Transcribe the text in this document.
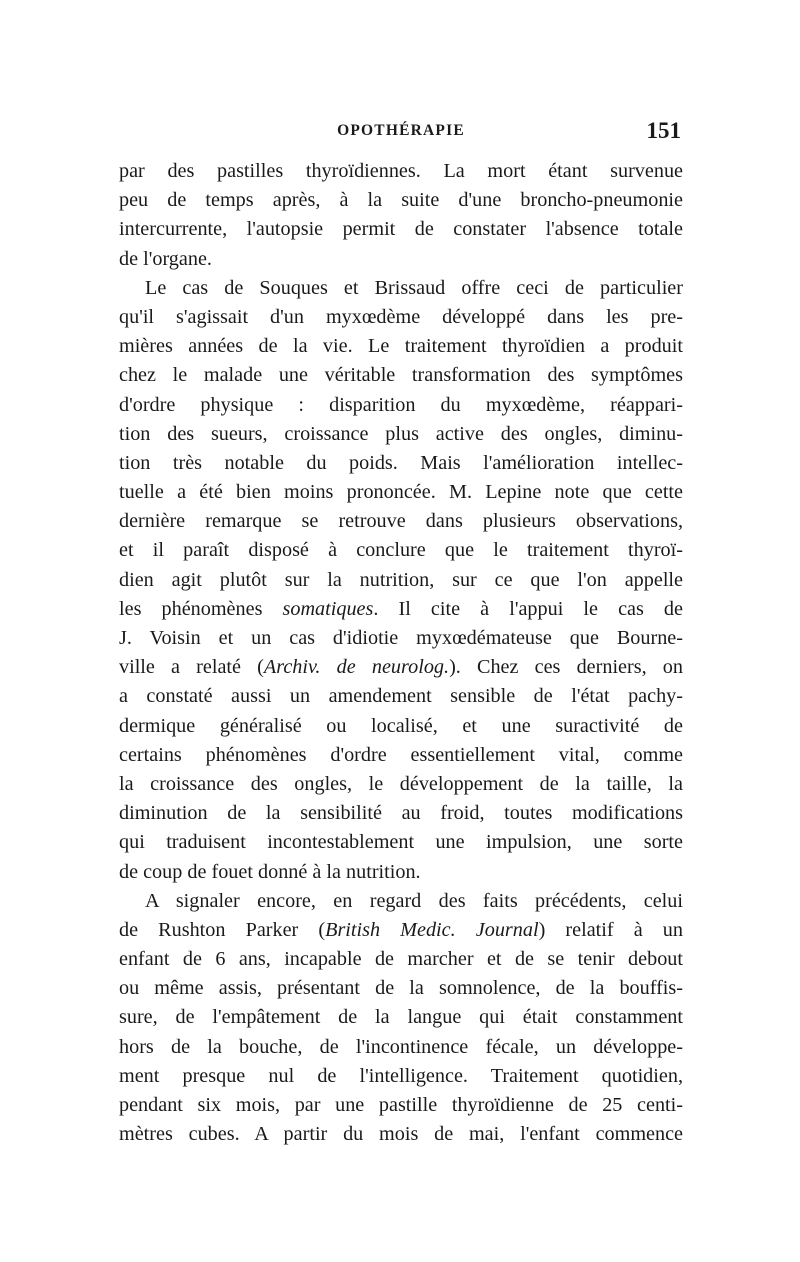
OPOTHÉRAPIE	151
par des pastilles thyroïdiennes. La mort étant survenue
peu de temps après, à la suite d'une broncho-pneumonie
intercurrente, l'autopsie permit de constater l'absence totale
de l'organe.
Le cas de Souques et Brissaud offre ceci de particulier
qu'il s'agissait d'un myxœdème développé dans les pre-
mières années de la vie. Le traitement thyroïdien a produit
chez le malade une véritable transformation des symptômes
d'ordre physique : disparition du myxœdème, réappari-
tion des sueurs, croissance plus active des ongles, diminu-
tion très notable du poids. Mais l'amélioration intellec-
tuelle a été bien moins prononcée. M. Lepine note que cette
dernière remarque se retrouve dans plusieurs observations,
et il paraît disposé à conclure que le traitement thyroï-
dien agit plutôt sur la nutrition, sur ce que l'on appelle
les phénomènes somatiques. Il cite à l'appui le cas de
J. Voisin et un cas d'idiotie myxœdémateuse que Bourne-
ville a relaté (Archiv. de neurolog.). Chez ces derniers, on
a constaté aussi un amendement sensible de l'état pachy-
dermique généralisé ou localisé, et une suractivité de
certains phénomènes d'ordre essentiellement vital, comme
la croissance des ongles, le développement de la taille, la
diminution de la sensibilité au froid, toutes modifications
qui traduisent incontestablement une impulsion, une sorte
de coup de fouet donné à la nutrition.
A signaler encore, en regard des faits précédents, celui
de Rushton Parker (British Medic. Journal) relatif à un
enfant de 6 ans, incapable de marcher et de se tenir debout
ou même assis, présentant de la somnolence, de la bouffis-
sure, de l'empâtement de la langue qui était constamment
hors de la bouche, de l'incontinence fécale, un développe-
ment presque nul de l'intelligence. Traitement quotidien,
pendant six mois, par une pastille thyroïdienne de 25 centi-
mètres cubes. A partir du mois de mai, l'enfant commence
